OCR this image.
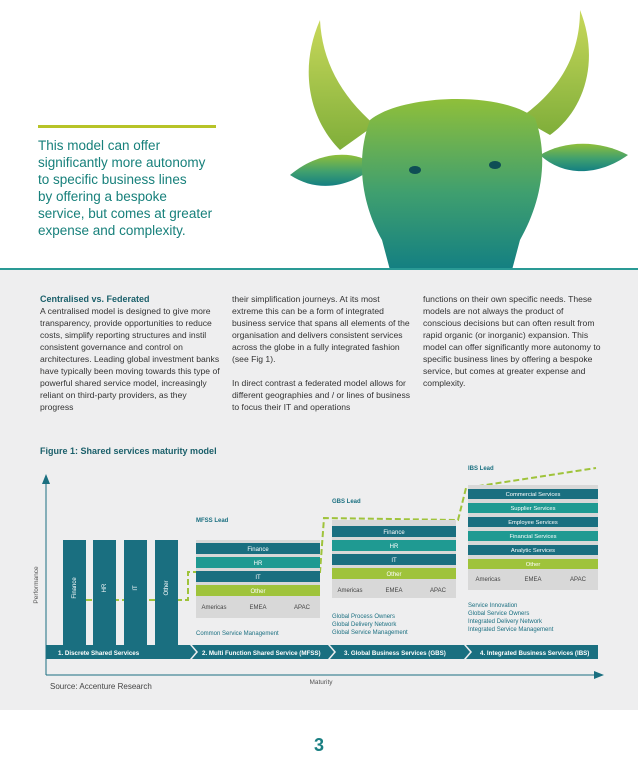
This model can offer
significantly more autonomy
to specific business lines
by offering a bespoke
service, but comes at greater
expense and complexity.
Centralised vs. Federated

A centralised model is designed to give more transparency, provide opportunities to reduce costs, simplify reporting structures and instil consistent governance and control on architectures. Leading global investment banks have typically been moving towards this type of powerful shared service model, increasingly reliant on third-party providers, as they progress

their simplification journeys. At its most extreme this can be a form of integrated business service that spans all elements of the organisation and delivers consistent services across the globe in a fully integrated fashion (see Fig 1).

In direct contrast a federated model allows for different geographies and / or lines of business to focus their IT and operations

functions on their own specific needs. These models are not always the product of conscious decisions but can often result from rapid organic (or inorganic) expansion. This model can offer significantly more autonomy to specific business lines by offering a bespoke service, but comes at greater expense and complexity.

Figure 1: Shared services maturity model
Performance
Maturity
Finance	HR	IT	Other
MFSS Lead
Finance
HR
IT
Other
Americas	EMEA	APAC
Common Service Management
GBS Lead
Finance
HR
IT
Other
Americas	EMEA	APAC
Global Process Owners
Global Delivery Network
Global Service Management
IBS Lead
Commercial Services
Supplier Services
Employee Services
Financial Services
Analytic Services
Other
Americas	EMEA	APAC
Service Innovation
Global Service Owners
Integrated Delivery Network
Integrated Service Management
1. Discrete Shared Services	2. Multi Function Shared Service (MFSS)	3. Global Business Services (GBS)	4. Integrated Business Services (IBS)
Source: Accenture Research
3
